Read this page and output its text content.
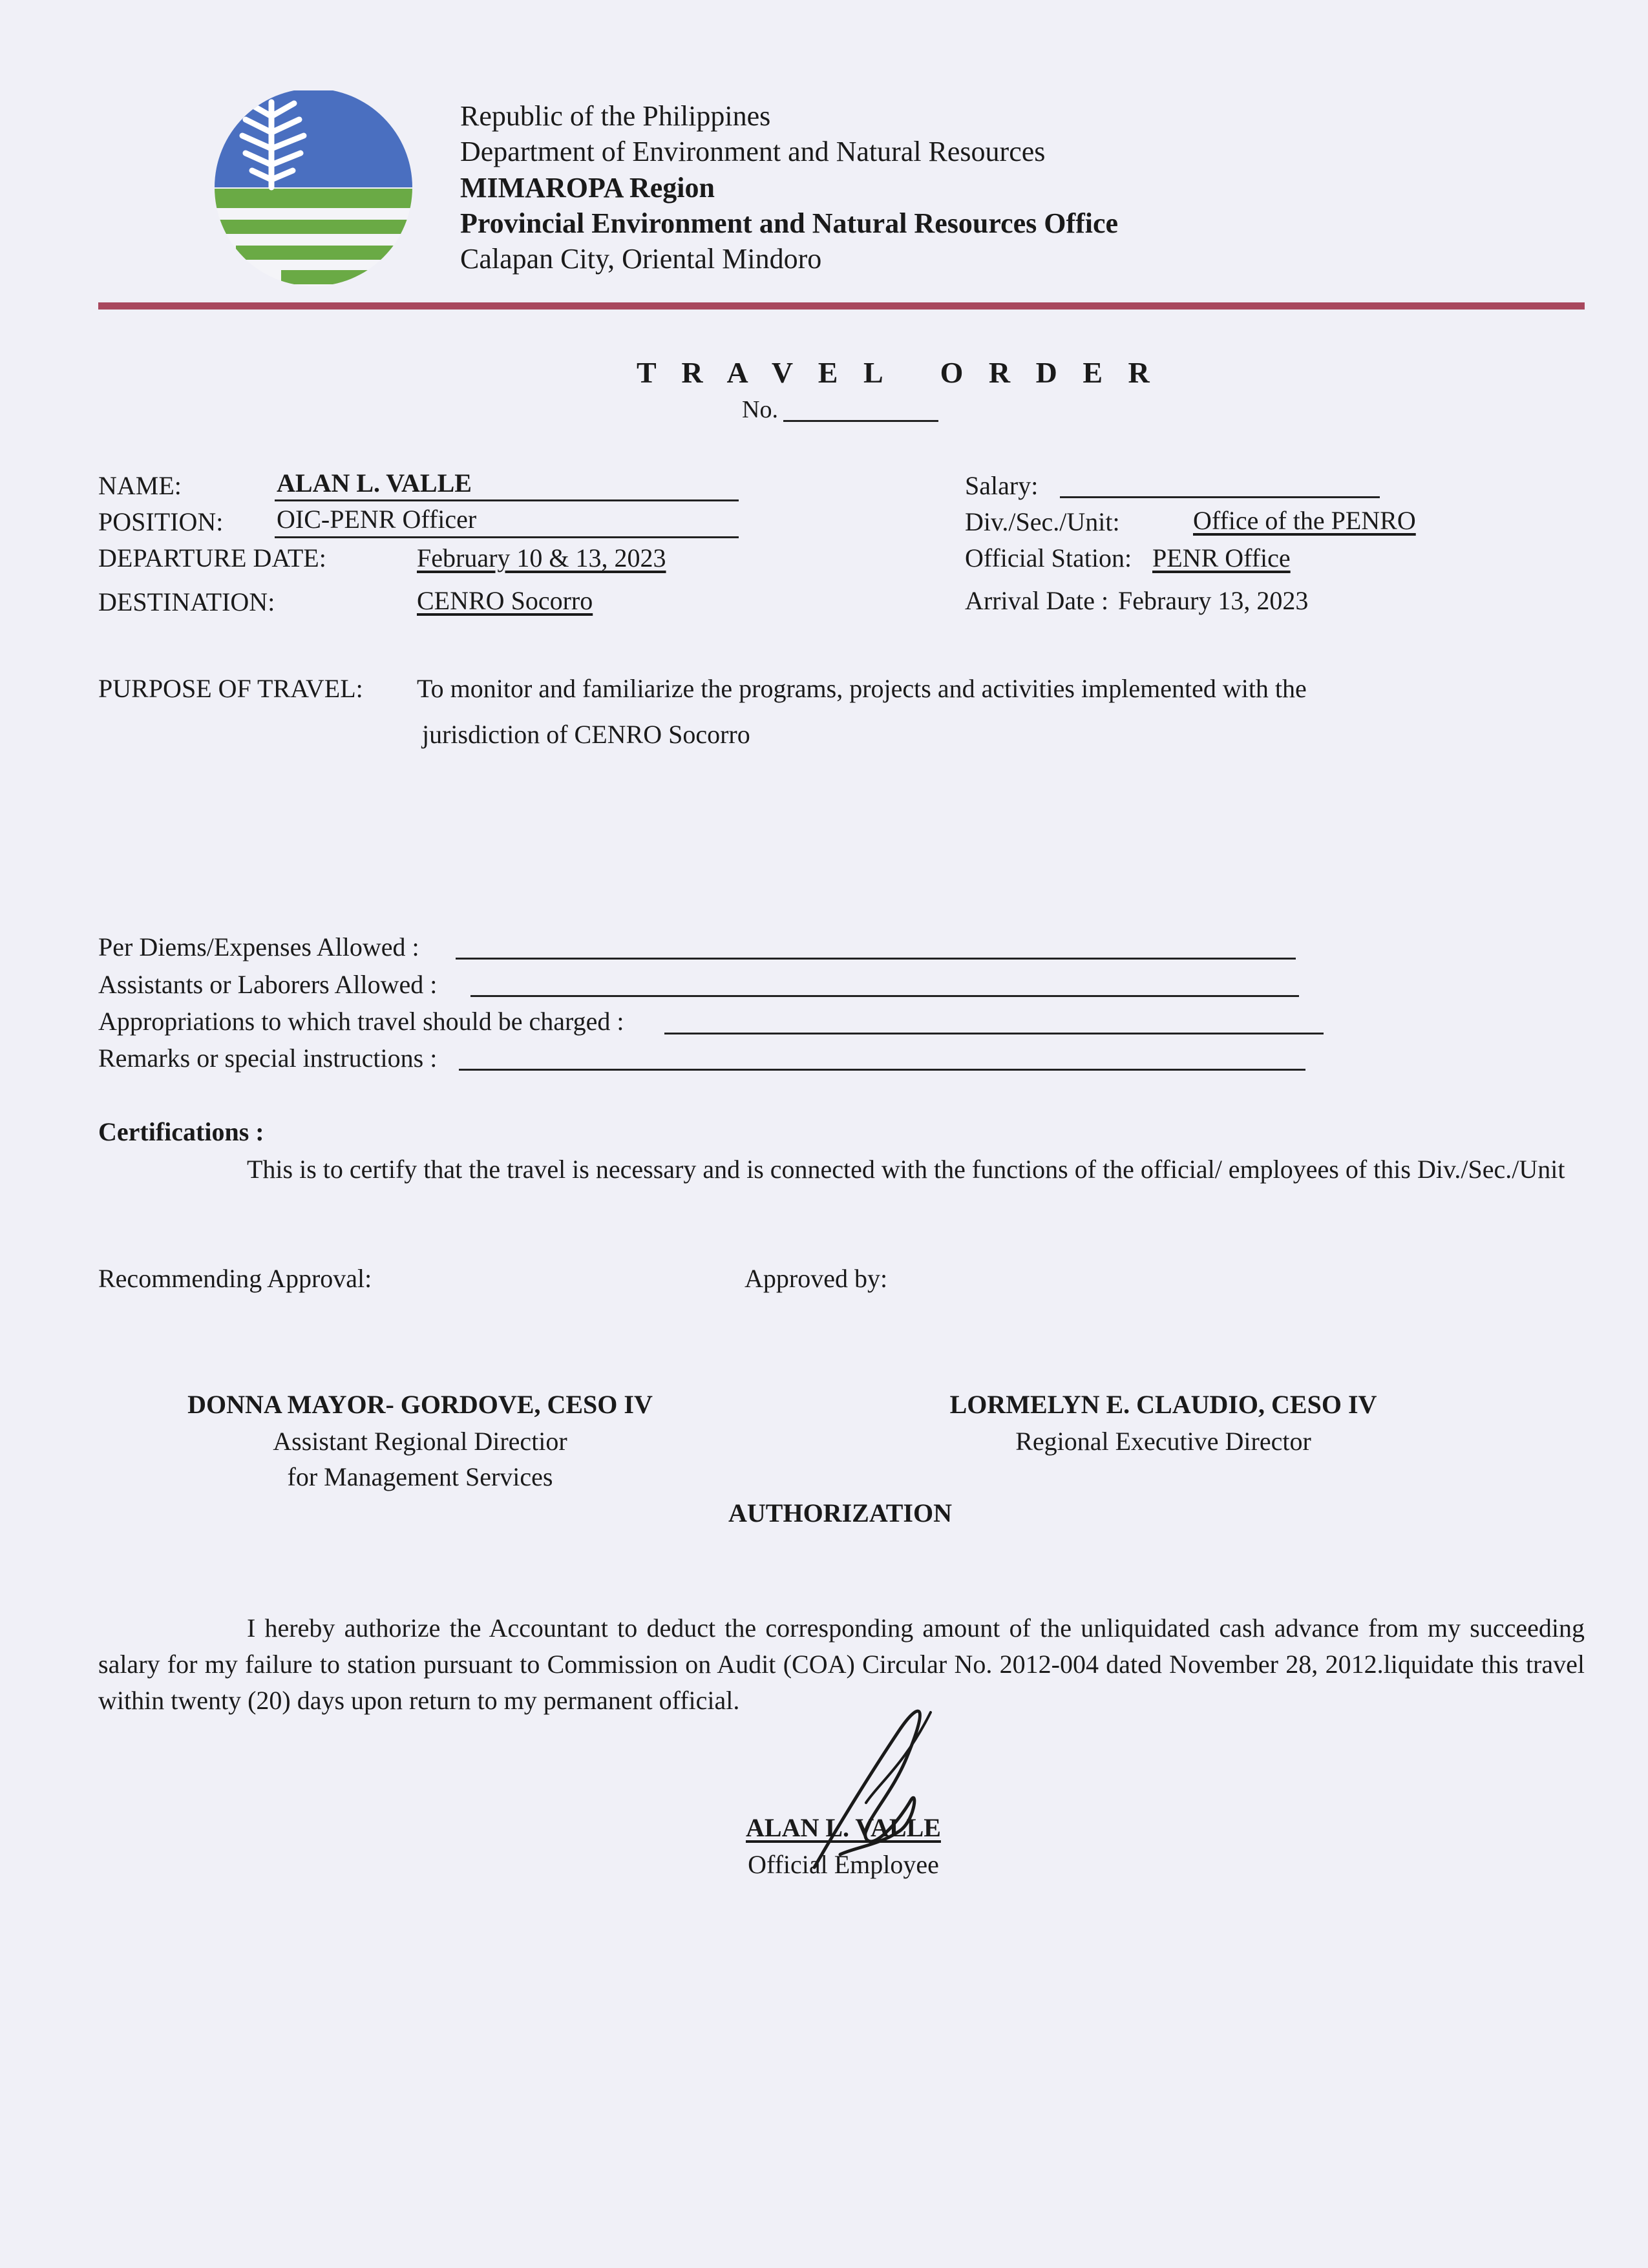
Republic of the Philippines
Department of Environment and Natural Resources
MIMAROPA Region
Provincial Environment and Natural Resources Office
Calapan City, Oriental Mindoro
T R A V E L   O R D E R
No.
NAME:	ALAN L. VALLE
POSITION: OIC-PENR Officer
DEPARTURE DATE:	February 10 & 13, 2023
DESTINATION:	CENRO Socorro
Salary:
Div./Sec./Unit:	Office of the PENRO
Official Station: PENR Office
Arrival Date : Febraury 13, 2023
PURPOSE OF TRAVEL: To monitor and familiarize the programs, projects and activities implemented with the
jurisdiction of CENRO Socorro
Per Diems/Expenses Allowed :
Assistants or Laborers Allowed :
Appropriations to which travel should be charged :
Remarks or special instructions :
Certifications :
This is to certify that the travel is necessary and is connected with the functions of the official/ employees of this Div./Sec./Unit
Recommending Approval:	Approved by:
DONNA MAYOR- GORDOVE, CESO IV
Assistant Regional Directior
for Management Services
LORMELYN E. CLAUDIO, CESO IV
Regional Executive Director
AUTHORIZATION
I hereby authorize the Accountant to deduct the corresponding amount of the unliquidated cash advance from my succeeding salary for my failure to station pursuant to Commission on Audit (COA) Circular No. 2012-004 dated November 28, 2012.liquidate this travel within twenty (20) days upon return to my permanent official.
ALAN L. VALLE
Official Employee
